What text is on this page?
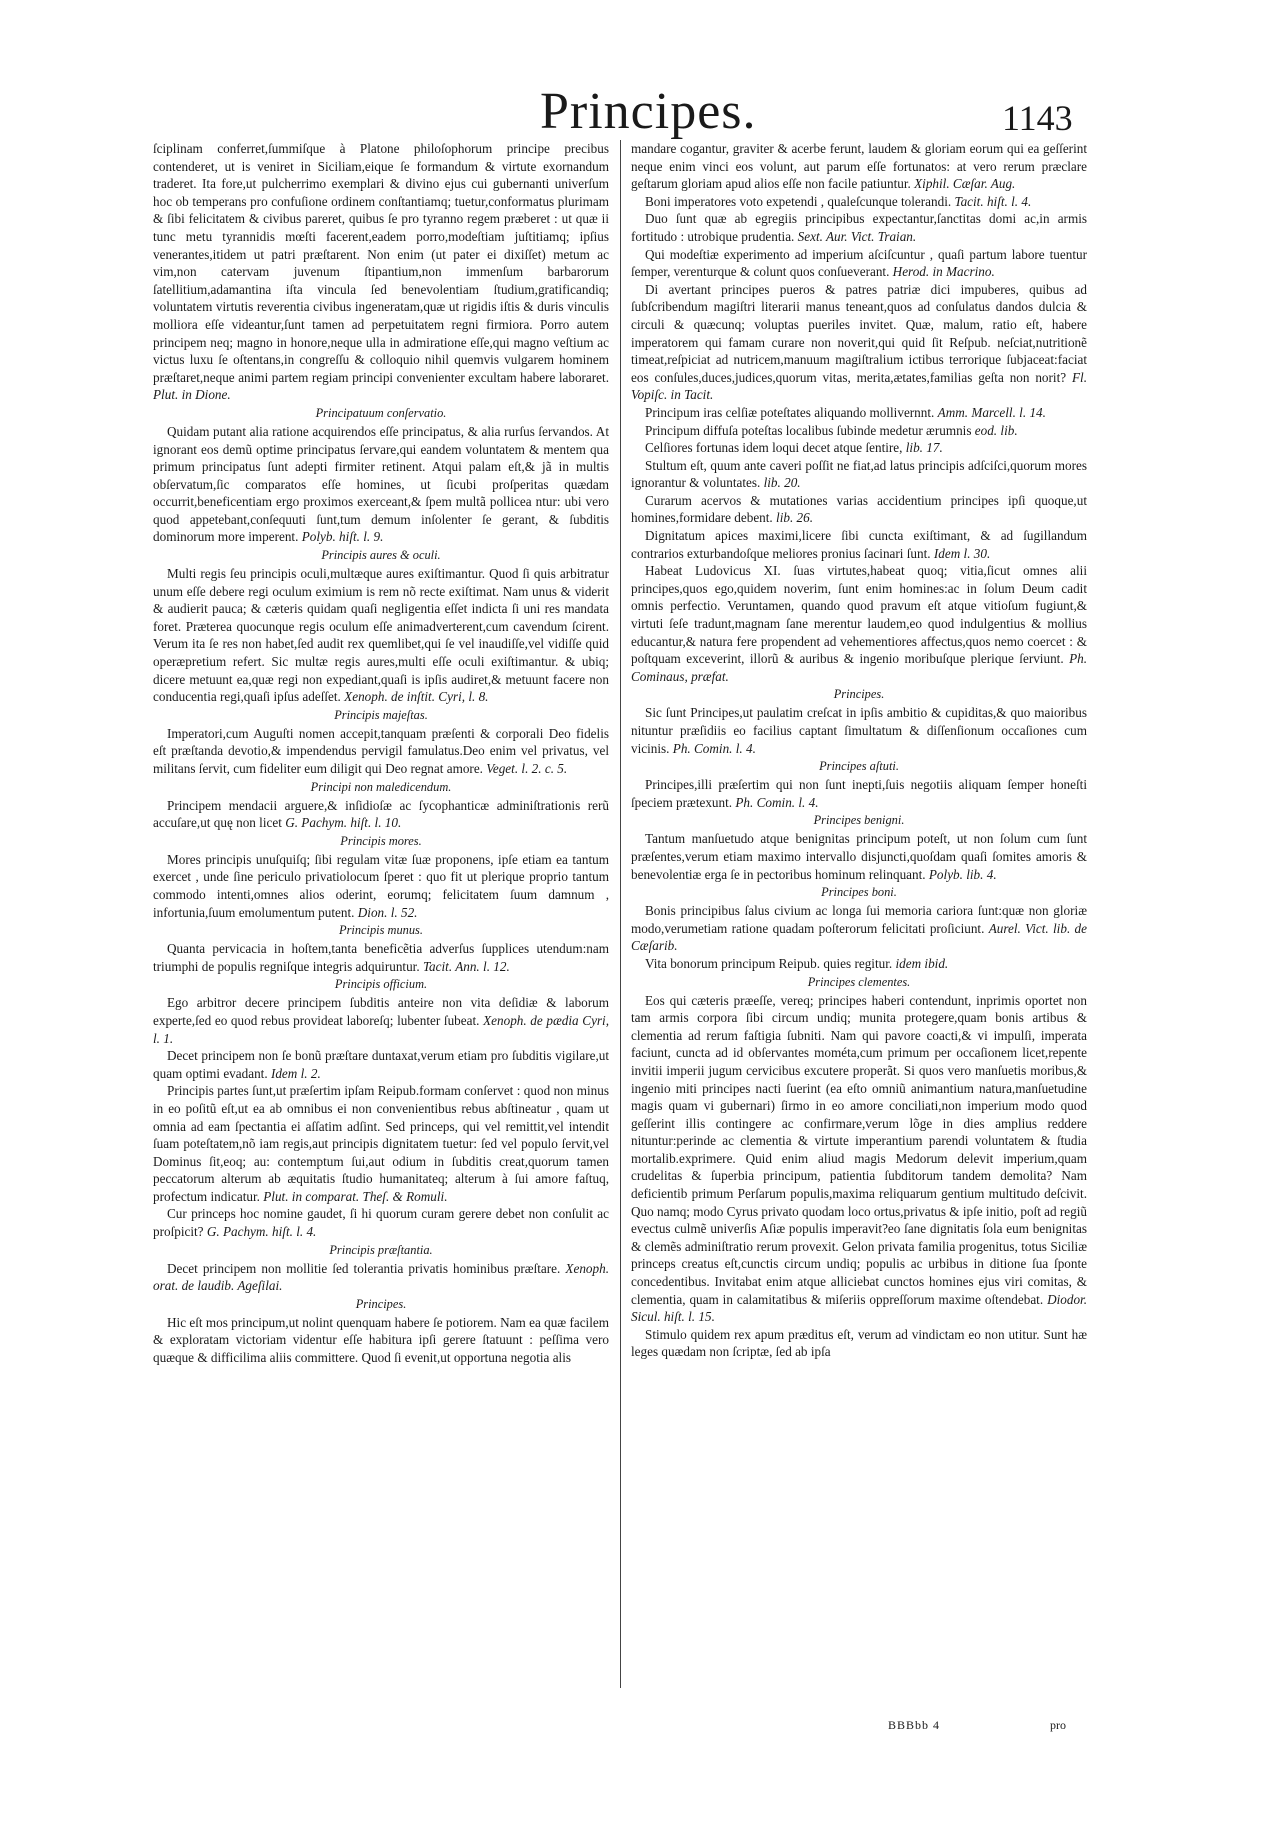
Principes.	1143

ſciplinam conferret,ſummiſque à Platone philoſophorum principe precibus contenderet, ut is veniret in Siciliam,eique ſe formandum & virtute exornandum traderet. Ita fore,ut pulcherrimo exemplari & divino ejus cui gubernanti univerſum hoc ob temperans pro confuſione ordinem conſtantiamq; tuetur,conformatus plurimam & ſibi felicitatem & civibus pareret, quibus ſe pro tyranno regem præberet : ut quæ ii tunc metu tyrannidis mœſti facerent,eadem porro,modeſtiam juſtitiamq; ipſius venerantes,itidem ut patri præſtarent. Non enim (ut pater ei dixiſſet) metum ac vim,non catervam juvenum ſtipantium,non immenſum barbarorum ſatellitium,adamantina iſta vincula ſed benevolentiam ſtudium,gratificandiq; voluntatem virtutis reverentia civibus ingeneratam,quæ ut rigidis iſtis & duris vinculis molliora eſſe videantur,ſunt tamen ad perpetuitatem regni firmiora. Porro autem principem neq; magno in honore,neque ulla in admiratione eſſe,qui magno veſtium ac victus luxu ſe oſtentans,in congreſſu & colloquio nihil quemvis vulgarem hominem præſtaret,neque animi partem regiam principi convenienter excultam habere laboraret. Plut. in Dione.

Principatuum conſervatio.

Quidam putant alia ratione acquirendos eſſe principatus, & alia rurſus ſervandos. At ignorant eos demũ optime principatus ſervare,qui eandem voluntatem & mentem qua primum principatus ſunt adepti firmiter retinent. Atqui palam eſt,& jã in multis obſervatum,ſic comparatos eſſe homines, ut ſicubi proſperitas quædam occurrit,beneficentiam ergo proximos exerceant,& ſpem multã pollicea ntur: ubi vero quod appetebant,conſequuti ſunt,tum demum inſolenter ſe gerant, & ſubditis dominorum more imperent. Polyb. hiſt. l. 9.

Principis aures & oculi.

Multi regis ſeu principis oculi,multæque aures exiſtimantur. Quod ſi quis arbitratur unum eſſe debere regi oculum eximium is rem nõ recte exiſtimat. Nam unus & viderit & audierit pauca; & cæteris quidam quaſi negligentia eſſet indicta ſi uni res mandata foret. Præterea quocunque regis oculum eſſe animadverterent,cum cavendum ſcirent. Verum ita ſe res non habet,ſed audit rex quemlibet,qui ſe vel inaudiſſe,vel vidiſſe quid operæpretium refert. Sic multæ regis aures,multi eſſe oculi exiſtimantur. & ubiq; dicere metuunt ea,quæ regi non expediant,quaſi is ipſis audiret,& metuunt facere non conducentia regi,quaſi ipſus adeſſet. Xenoph. de inſtit. Cyri, l. 8.

Principis majeſtas.

Imperatori,cum Auguſti nomen accepit,tanquam præſenti & corporali Deo fidelis eſt præſtanda devotio,& impendendus pervigil famulatus.Deo enim vel privatus, vel militans ſervit, cum fideliter eum diligit qui Deo regnat amore. Veget. l. 2. c. 5.

Principi non maledicendum.

Principem mendacii arguere,& inſidioſæ ac ſycophanticæ adminiſtrationis rerũ accuſare,ut quę non licet G. Pachym. hiſt. l. 10.

Principis mores.

Mores principis unuſquiſq; ſibi regulam vitæ ſuæ proponens, ipſe etiam ea tantum exercet , unde ſine periculo privatiolocum ſperet : quo fit ut plerique proprio tantum commodo intenti,omnes alios oderint, eorumq; felicitatem ſuum damnum , infortunia,ſuum emolumentum putent. Dion. l. 52.

Principis munus.

Quanta pervicacia in hoſtem,tanta beneficẽtia adverſus ſupplices utendum:nam triumphi de populis regniſque integris adquiruntur. Tacit. Ann. l. 12.

Principis officium.

Ego arbitror decere principem ſubditis anteire non vita deſidiæ & laborum experte,ſed eo quod rebus provideat laboreſq; lubenter ſubeat. Xenoph. de pædia Cyri, l. 1.

Decet principem non ſe bonũ præſtare duntaxat,verum etiam pro ſubditis vigilare,ut quam optimi evadant. Idem l. 2.

Principis partes ſunt,ut præſertim ipſam Reipub.formam conſervet : quod non minus in eo poſitũ eſt,ut ea ab omnibus ei non convenientibus rebus abſtineatur , quam ut omnia ad eam ſpectantia ei aſſatim adſint. Sed princeps, qui vel remittit,vel intendit ſuam poteſtatem,nõ iam regis,aut principis dignitatem tuetur: ſed vel populo ſervit,vel Dominus ſit,eoq; au: contemptum ſui,aut odium in ſubditis creat,quorum tamen peccatorum alterum ab æquitatis ſtudio humanitateq; alterum à ſui amore faſtuq, profectum indicatur. Plut. in comparat. Theſ. & Romuli.

Cur princeps hoc nomine gaudet, ſi hi quorum curam gerere debet non conſulit ac proſpicit? G. Pachym. hiſt. l. 4.

Principis præſtantia.

Decet principem non mollitie ſed tolerantia privatis hominibus præſtare. Xenoph. orat. de laudib. Ageſilai.

Principes.

Hic eſt mos principum,ut nolint quenquam habere ſe potiorem. Nam ea quæ facilem & exploratam victoriam videntur eſſe habitura ipſi gerere ſtatuunt : peſſima vero quæque & difficilima aliis committere. Quod ſi evenit,ut opportuna negotia alis

mandare cogantur, graviter & acerbe ferunt, laudem & gloriam eorum qui ea geſſerint neque enim vinci eos volunt, aut parum eſſe fortunatos: at vero rerum præclare geſtarum gloriam apud alios eſſe non facile patiuntur. Xiphil. Cæſar. Aug.

Boni imperatores voto expetendi , qualeſcunque tolerandi. Tacit. hiſt. l. 4.

Duo ſunt quæ ab egregiis principibus expectantur,ſanctitas domi ac,in armis fortitudo : utrobique prudentia. Sext. Aur. Vict. Traian.

Qui modeſtiæ experimento ad imperium aſciſcuntur , quaſi partum labore tuentur ſemper, verenturque & colunt quos conſueverant. Herod. in Macrino.

Di avertant principes pueros & patres patriæ dici impuberes, quibus ad ſubſcribendum magiſtri literarii manus teneant,quos ad conſulatus dandos dulcia & circuli & quæcunq; voluptas pueriles invitet. Quæ, malum, ratio eſt, habere imperatorem qui famam curare non noverit,qui quid ſit Reſpub. neſciat,nutritionẽ timeat,reſpiciat ad nutricem,manuum magiſtralium ictibus terrorique ſubjaceat:faciat eos conſules,duces,judices,quorum vitas, merita,ætates,familias geſta non norit? Fl. Vopiſc. in Tacit.

Principum iras celſiæ poteſtates aliquando mollivernnt. Amm. Marcell. l. 14.

Principum diffuſa poteſtas localibus ſubinde medetur ærumnis eod. lib.

Celſiores fortunas idem loqui decet atque ſentire, lib. 17.

Stultum eſt, quum ante caveri poſſit ne fiat,ad latus principis adſciſci,quorum mores ignorantur & voluntates. lib. 20.

Curarum acervos & mutationes varias accidentium principes ipſi quoque,ut homines,formidare debent. lib. 26.

Dignitatum apices maximi,licere ſibi cuncta exiſtimant, & ad ſugillandum contrarios exturbandoſque meliores pronius ſacinari ſunt. Idem l. 30.

Habeat Ludovicus XI. ſuas virtutes,habeat quoq; vitia,ſicut omnes alii principes,quos ego,quidem noverim, ſunt enim homines:ac in ſolum Deum cadit omnis perfectio. Veruntamen, quando quod pravum eſt atque vitioſum fugiunt,& virtuti ſeſe tradunt,magnam ſane merentur laudem,eo quod indulgentius & mollius educantur,& natura fere propendent ad vehementiores affectus,quos nemo coercet : & poſtquam exceverint, illorũ & auribus & ingenio moribuſque plerique ſerviunt. Ph. Cominaus, præfat.

Principes.

Sic ſunt Principes,ut paulatim creſcat in ipſis ambitio & cupiditas,& quo maioribus nituntur præſidiis eo facilius captant ſimultatum & diſſenſionum occaſiones cum vicinis. Ph. Comin. l. 4.

Principes aſtuti.

Principes,illi præſertim qui non ſunt inepti,ſuis negotiis aliquam ſemper honeſti ſpeciem prætexunt. Ph. Comin. l. 4.

Principes benigni.

Tantum manſuetudo atque benignitas principum poteſt, ut non ſolum cum ſunt præſentes,verum etiam maximo intervallo disjuncti,quoſdam quaſi ſomites amoris & benevolentiæ erga ſe in pectoribus hominum relinquant. Polyb. lib. 4.

Principes boni.

Bonis principibus ſalus civium ac longa ſui memoria cariora ſunt:quæ non gloriæ modo,verumetiam ratione quadam poſterorum felicitati proſiciunt. Aurel. Vict. lib. de Cæſarib.

Vita bonorum principum Reipub. quies regitur. idem ibid.

Principes clementes.

Eos qui cæteris præeſſe, vereq; principes haberi contendunt, inprimis oportet non tam armis corpora ſibi circum undiq; munita protegere,quam bonis artibus & clementia ad rerum faſtigia ſubniti. Nam qui pavore coacti,& vi impulſi, imperata faciunt, cuncta ad id obſervantes mométa,cum primum per occaſionem licet,repente invitii imperii jugum cervicibus excutere properãt. Si quos vero manſuetis moribus,& ingenio miti principes nacti ſuerint (ea eſto omniũ animantium natura,manſuetudine magis quam vi gubernari) ſirmo in eo amore conciliati,non imperium modo quod geſſerint illis contingere ac confirmare,verum lõge in dies amplius reddere nituntur:perinde ac clementia & virtute imperantium parendi voluntatem & ſtudia mortalib.exprimere. Quid enim aliud magis Medorum delevit imperium,quam crudelitas & ſuperbia principum, patientia ſubditorum tandem demolita? Nam deficientib primum Perſarum populis,maxima reliquarum gentium multitudo deſcivit. Quo namq; modo Cyrus privato quodam loco ortus,privatus & ipſe initio, poſt ad regiũ evectus culmẽ univerſis Aſiæ populis imperavit?eo ſane dignitatis ſola eum benignitas & clemẽs adminiſtratio rerum provexit. Gelon privata familia progenitus, totus Siciliæ princeps creatus eſt,cunctis circum undiq; populis ac urbibus in ditione ſua ſponte concedentibus. Invitabat enim atque alliciebat cunctos homines ejus viri comitas, & clementia, quam in calamitatibus & miſeriis oppreſſorum maxime oſtendebat. Diodor. Sicul. hiſt. l. 15.

Stimulo quidem rex apum præditus eſt, verum ad vindictam eo non utitur. Sunt hæ leges quædam non ſcriptæ, ſed ab ipſa

BBBbb 4	pro
